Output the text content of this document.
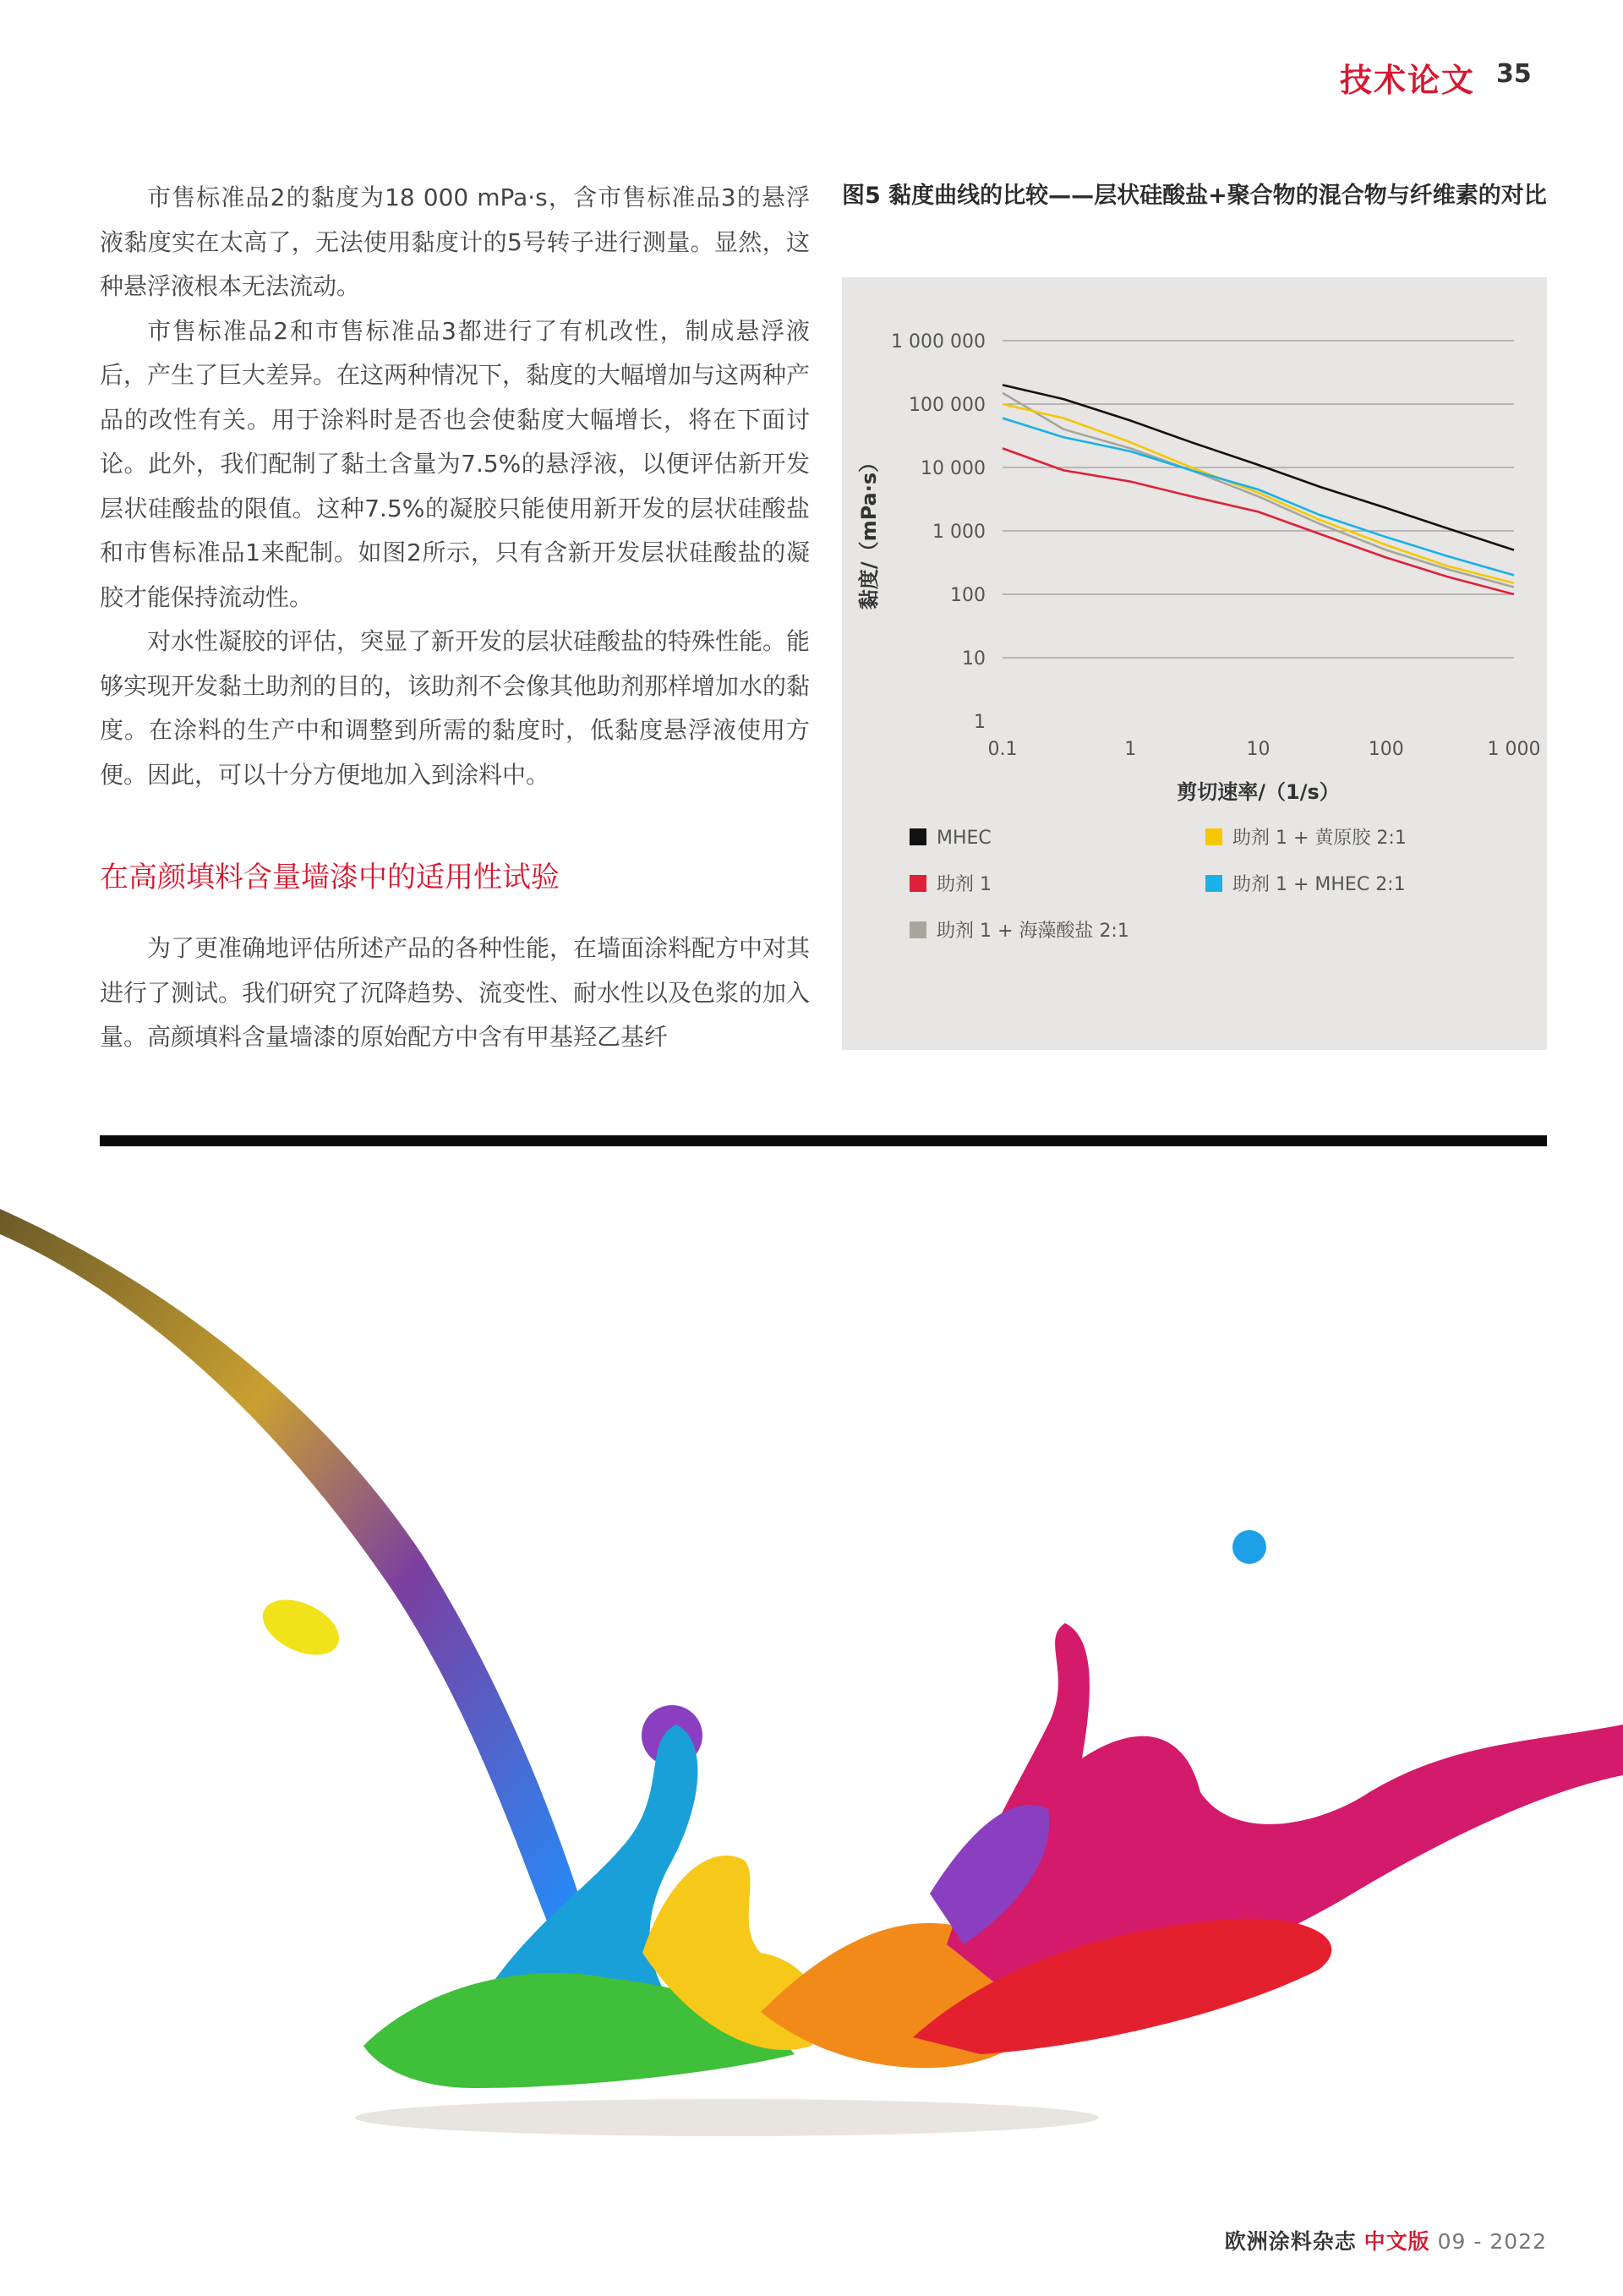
技术论文 35

市售标准品2的黏度为18 000 mPa·s，含市售标准品3的悬浮液黏度实在太高了，无法使用黏度计的5号转子进行测量。显然，这种悬浮液根本无法流动。

市售标准品2和市售标准品3都进行了有机改性，制成悬浮液后，产生了巨大差异。在这两种情况下，黏度的大幅增加与这两种产品的改性有关。用于涂料时是否也会使黏度大幅增长，将在下面讨论。此外，我们配制了黏土含量为7.5%的悬浮液，以便评估新开发层状硅酸盐的限值。这种7.5%的凝胶只能使用新开发的层状硅酸盐和市售标准品1来配制。如图2所示，只有含新开发层状硅酸盐的凝胶才能保持流动性。

对水性凝胶的评估，突显了新开发的层状硅酸盐的特殊性能。能够实现开发黏土助剂的目的，该助剂不会像其他助剂那样增加水的黏度。在涂料的生产中和调整到所需的黏度时，低黏度悬浮液使用方便。因此，可以十分方便地加入到涂料中。

在高颜填料含量墙漆中的适用性试验

为了更准确地评估所述产品的各种性能，在墙面涂料配方中对其进行了测试。我们研究了沉降趋势、流变性、耐水性以及色浆的加入量。高颜填料含量墙漆的原始配方中含有甲基羟乙基纤

图5 黏度曲线的比较——层状硅酸盐+聚合物的混合物与纤维素的对比
1
10
100
1 000
10 000
100 000
1 000 000
0.1	1	10	100	1 000
剪切速率/（1/s）
黏度/（mPa·s）
MHEC	助剂 1 + 黄原胶 2:1
助剂 1	助剂 1 + MHEC 2:1
助剂 1 + 海藻酸盐 2:1
欧洲涂料杂志 中文版 09 - 2022
